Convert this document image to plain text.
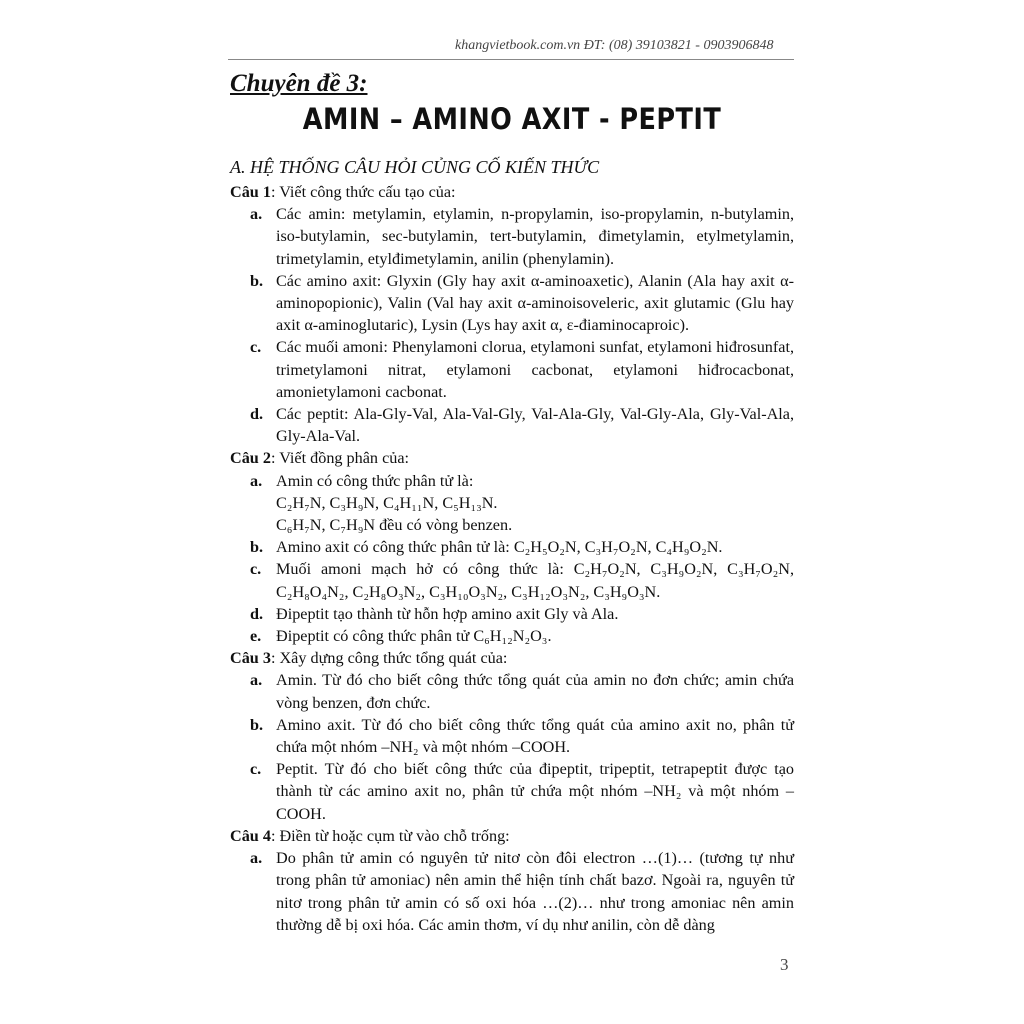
khangvietbook.com.vn ĐT: (08) 39103821 - 0903906848
Chuyên đề 3:
AMIN – AMINO AXIT - PEPTIT
A. HỆ THỐNG CÂU HỎI CỦNG CỐ KIẾN THỨC
Câu 1: Viết công thức cấu tạo của:
a. Các amin: metylamin, etylamin, n-propylamin, iso-propylamin, n-butylamin, iso-butylamin, sec-butylamin, tert-butylamin, đimetylamin, etylmetylamin, trimetylamin, etylđimetylamin, anilin (phenylamin).
b. Các amino axit: Glyxin (Gly hay axit α-aminoaxetic), Alanin (Ala hay axit α-aminopopionic), Valin (Val hay axit α-aminoisoveleric, axit glutamic (Glu hay axit α-aminoglutaric), Lysin (Lys hay axit α, ε-điaminocaproic).
c. Các muối amoni: Phenylamoni clorua, etylamoni sunfat, etylamoni hiđrosunfat, trimetylamoni nitrat, etylamoni cacbonat, etylamoni hiđrocacbonat, amonietylamoni cacbonat.
d. Các peptit: Ala-Gly-Val, Ala-Val-Gly, Val-Ala-Gly, Val-Gly-Ala, Gly-Val-Ala, Gly-Ala-Val.
Câu 2: Viết đồng phân của:
a. Amin có công thức phân tử là:
C₂H₇N, C₃H₉N, C₄H₁₁N, C₅H₁₃N.
C₆H₇N, C₇H₉N đều có vòng benzen.
b. Amino axit có công thức phân tử là: C₂H₅O₂N, C₃H₇O₂N, C₄H₉O₂N.
c. Muối amoni mạch hở có công thức là: C₂H₇O₂N, C₃H₉O₂N, C₃H₇O₂N, C₂H₈O₄N₂, C₂H₈O₃N₂, C₃H₁₀O₃N₂, C₃H₁₂O₃N₂, C₃H₉O₃N.
d. Đipeptit tạo thành từ hỗn hợp amino axit Gly và Ala.
e. Đipeptit có công thức phân tử C₆H₁₂N₂O₃.
Câu 3: Xây dựng công thức tổng quát của:
a. Amin. Từ đó cho biết công thức tổng quát của amin no đơn chức; amin chứa vòng benzen, đơn chức.
b. Amino axit. Từ đó cho biết công thức tổng quát của amino axit no, phân tử chứa một nhóm –NH₂ và một nhóm –COOH.
c. Peptit. Từ đó cho biết công thức của đipeptit, tripeptit, tetrapeptit được tạo thành từ các amino axit no, phân tử chứa một nhóm –NH₂ và một nhóm –COOH.
Câu 4: Điền từ hoặc cụm từ vào chỗ trống:
a. Do phân tử amin có nguyên tử nitơ còn đôi electron …(1)… (tương tự như trong phân tử amoniac) nên amin thể hiện tính chất bazơ. Ngoài ra, nguyên tử nitơ trong phân tử amin có số oxi hóa …(2)… như trong amoniac nên amin thường dễ bị oxi hóa. Các amin thơm, ví dụ như anilin, còn dễ dàng
3
